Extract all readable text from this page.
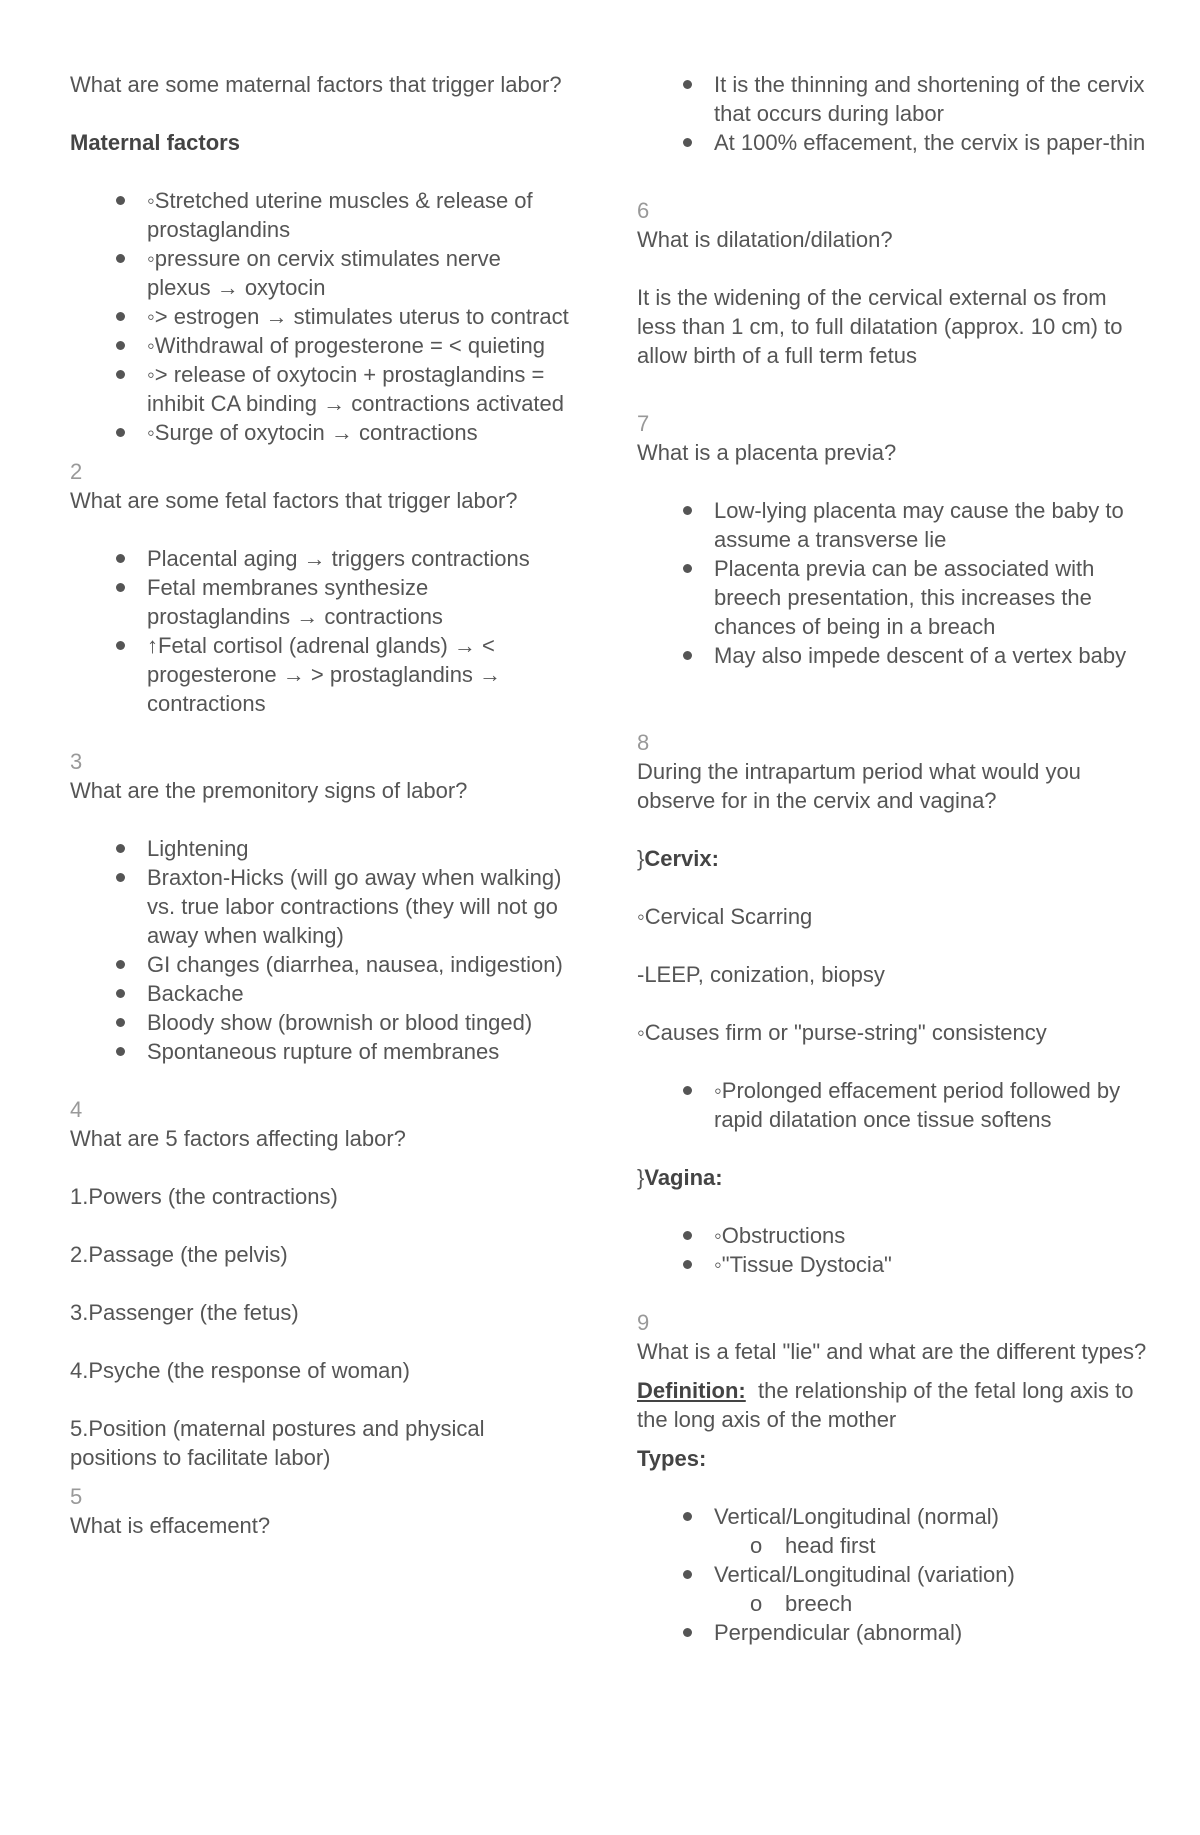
What are some maternal factors that trigger labor?

Maternal factors

◦Stretched uterine muscles & release of prostaglandins
◦pressure on cervix stimulates nerve plexus → oxytocin
◦> estrogen → stimulates uterus to contract
◦Withdrawal of progesterone = < quieting
◦> release of oxytocin + prostaglandins = inhibit CA binding → contractions activated
◦Surge of oxytocin → contractions

2

What are some fetal factors that trigger labor?

Placental aging → triggers contractions
Fetal membranes synthesize prostaglandins → contractions
↑Fetal cortisol (adrenal glands) → < progesterone → > prostaglandins → contractions

3

What are the premonitory signs of labor?

Lightening
Braxton-Hicks (will go away when walking) vs. true labor contractions (they will not go away when walking)
GI changes (diarrhea, nausea, indigestion)
Backache
Bloody show (brownish or blood tinged)
Spontaneous rupture of membranes

4

What are 5 factors affecting labor?

1.Powers (the contractions)

2.Passage (the pelvis)

3.Passenger (the fetus)

4.Psyche (the response of woman)

5.Position (maternal postures and physical positions to facilitate labor)

5

What is effacement?

It is the thinning and shortening of the cervix that occurs during labor
At 100% effacement, the cervix is paper-thin

6

What is dilatation/dilation?

It is the widening of the cervical external os from less than 1 cm, to full dilatation (approx. 10 cm) to allow birth of a full term fetus

7

What is a placenta previa?

Low-lying placenta may cause the baby to assume a transverse lie
Placenta previa can be associated with breech presentation, this increases the chances of being in a breach
May also impede descent of a vertex baby

8

During the intrapartum period what would you observe for in the cervix and vagina?

}Cervix:

◦Cervical Scarring

-LEEP, conization, biopsy

◦Causes firm or "purse-string" consistency

◦Prolonged effacement period followed by rapid dilatation once tissue softens

}Vagina:

◦Obstructions
◦"Tissue Dystocia"

9

What is a fetal "lie" and what are the different types?

Definition:  the relationship of the fetal long axis to the long axis of the mother

Types:

Vertical/Longitudinal (normal)
o head first
Vertical/Longitudinal (variation)
o breech
Perpendicular (abnormal)
